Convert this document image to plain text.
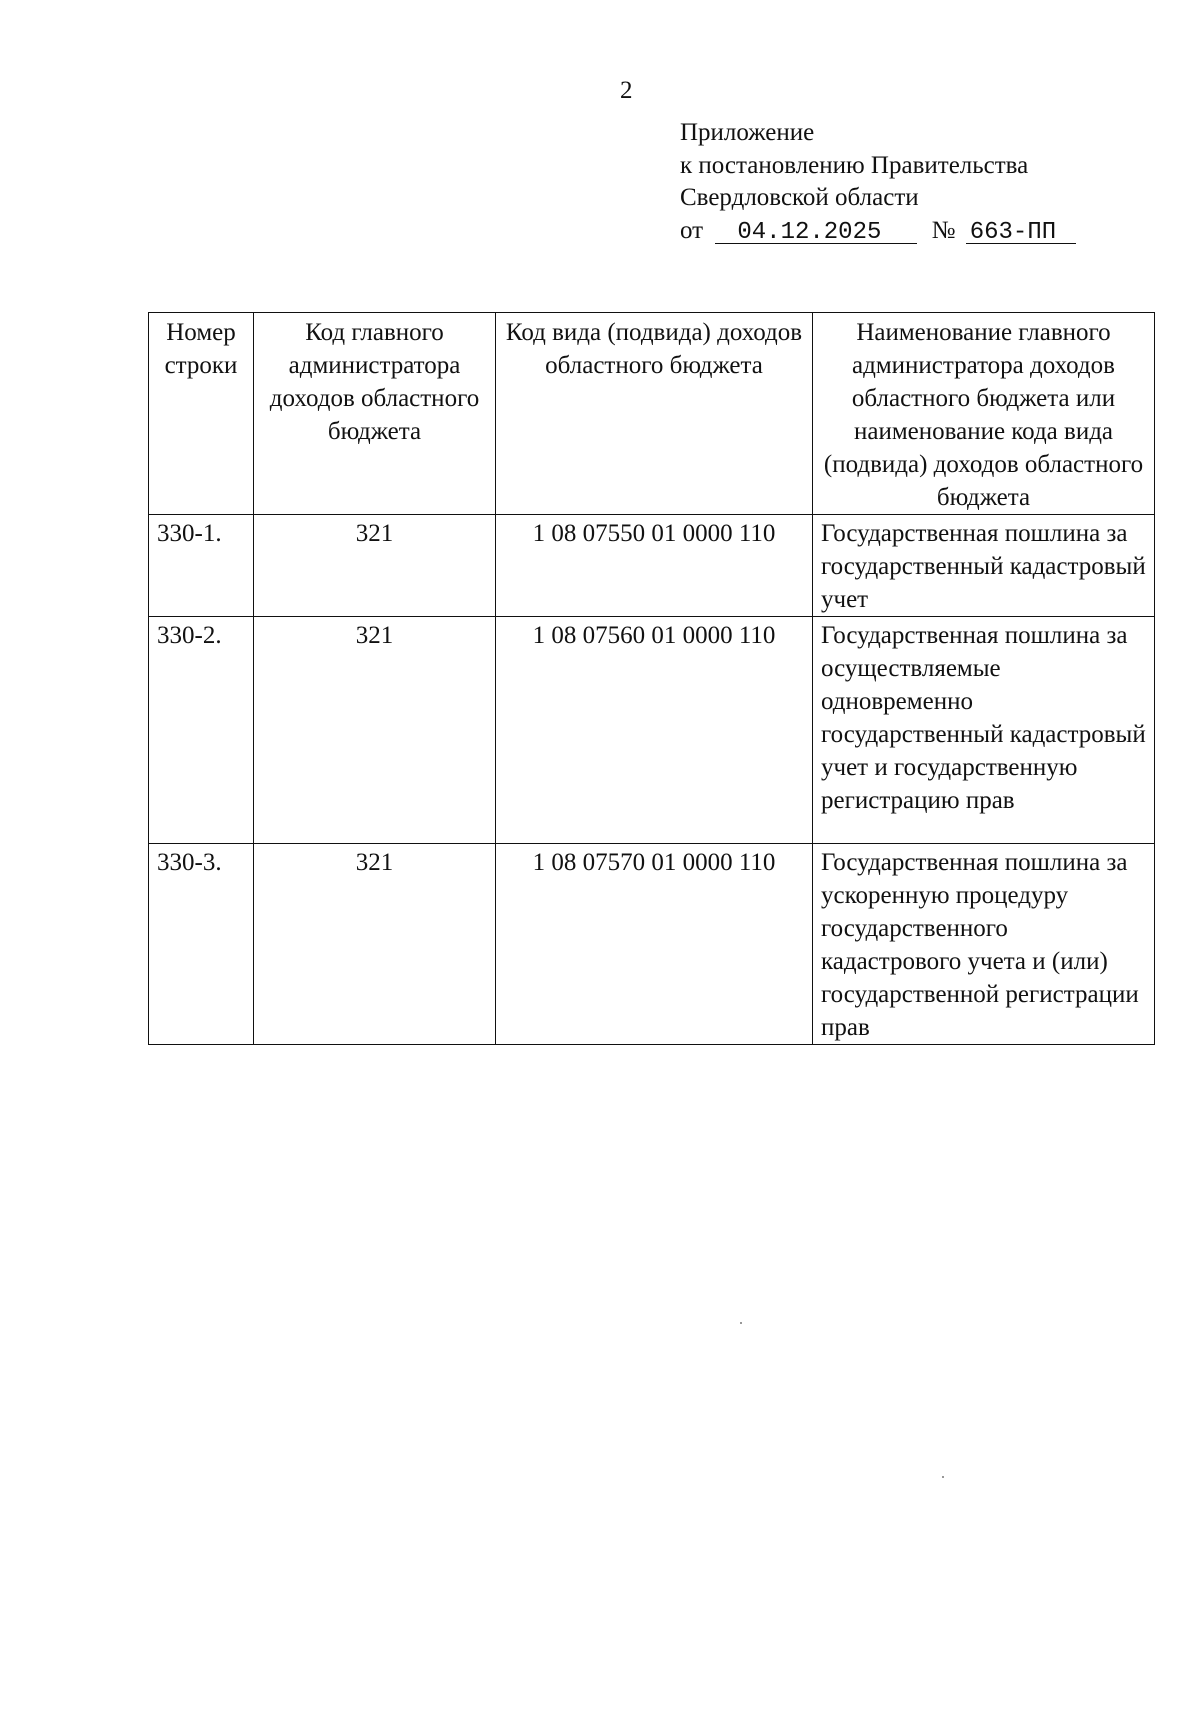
2
Приложение
к постановлению Правительства
Свердловской области
от 04.12.2025 № 663-ПП
Номер строки	Код главного администратора доходов областного бюджета	Код вида (подвида) доходов областного бюджета	Наименование главного администратора доходов областного бюджета или наименование кода вида (подвида) доходов областного бюджета
330-1.	321	1 08 07550 01 0000 110	Государственная пошлина за государственный кадастровый учет
330-2.	321	1 08 07560 01 0000 110	Государственная пошлина за осуществляемые одновременно государственный кадастровый учет и государственную регистрацию прав
330-3.	321	1 08 07570 01 0000 110	Государственная пошлина за ускоренную процедуру государственного кадастрового учета и (или) государственной регистрации прав
